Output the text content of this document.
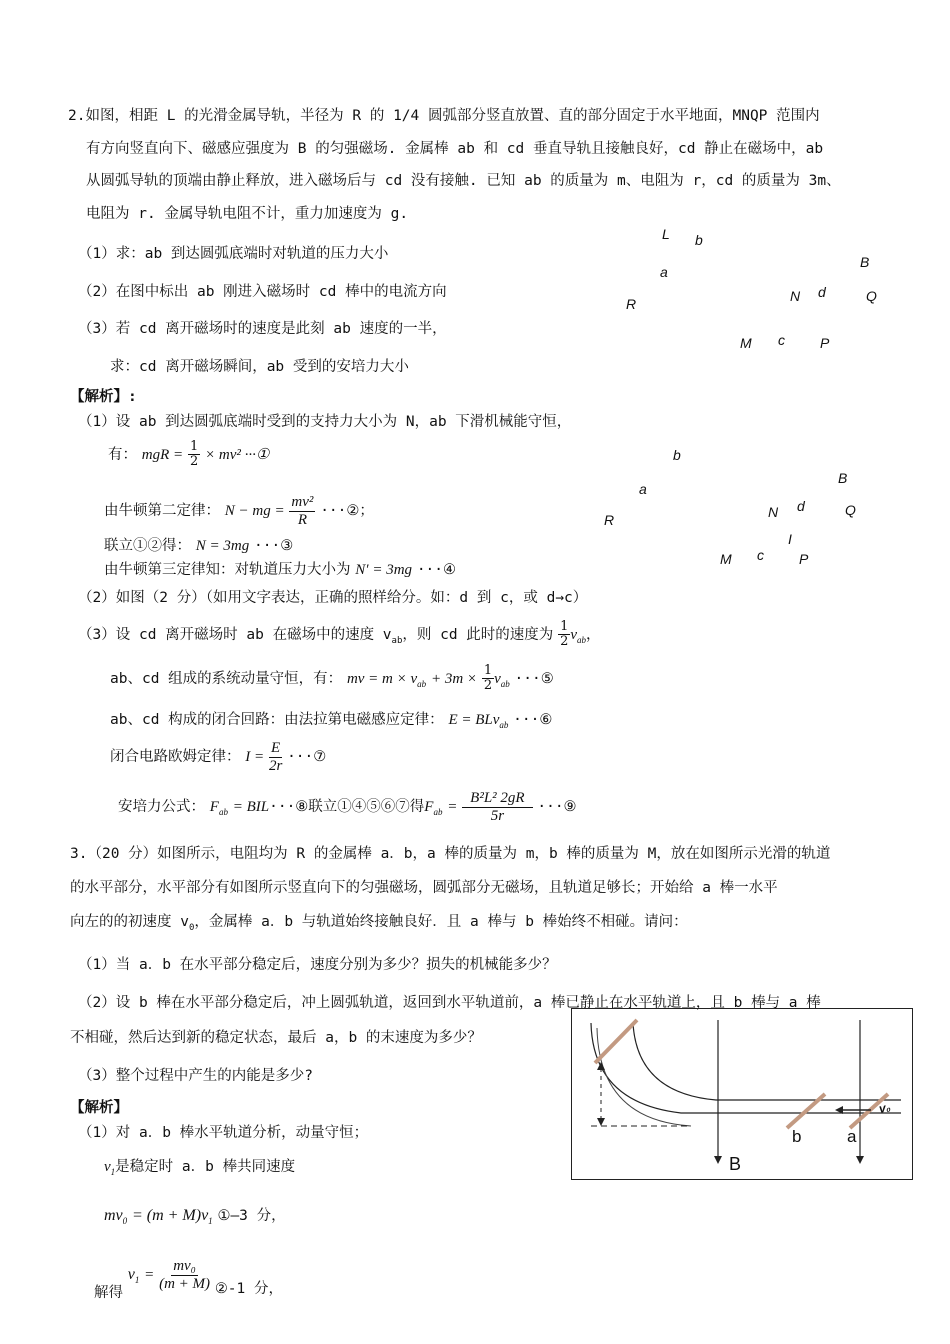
2.如图，相距 L 的光滑金属导轨，半径为 R 的 1/4 圆弧部分竖直放置、直的部分固定于水平地面，MNQP 范围内
有方向竖直向下、磁感应强度为 B 的匀强磁场. 金属棒 ab 和 cd 垂直导轨且接触良好，cd 静止在磁场中，ab
从圆弧导轨的顶端由静止释放，进入磁场后与 cd 没有接触. 已知 ab 的质量为 m、电阻为 r，cd 的质量为 3m、
电阻为 r. 金属导轨电阻不计，重力加速度为 g.
（1）求：ab 到达圆弧底端时对轨道的压力大小
（2）在图中标出 ab 刚进入磁场时 cd 棒中的电流方向
（3）若 cd 离开磁场时的速度是此刻 ab 速度的一半，
求：cd 离开磁场瞬间，ab 受到的安培力大小
L b
a
B
R	N d	Q
M c	P
【解析】:
（1）设 ab 到达圆弧底端时受到的支持力大小为 N，ab 下滑机械能守恒，
有： mgR = $\frac{1}{2} \times mv^2$ ···①
由牛顿第二定律： N − mg = $\frac{\text{mv²}}{R}$ ···②；
联立①②得： N = 3mg ···③
由牛顿第三定律知：对轨道压力大小为 N′ = 3mg ···④
b
a
B
R	N d	Q
I
M c	P
（2）如图（2 分）（如用文字表达，正确的照样给分。如：d 到 c，或 d→c）
（3）设 cd 离开磁场时 ab 在磁场中的速度 $v_{ab}$，则 cd 此时的速度为 $\frac{1}{2} v_{ab}$，
ab、cd 组成的系统动量守恒，有： mv = $m \times v_{ab} + 3m \times \frac{1}{2} v_{ab}$ ···⑤
ab、cd 构成的闭合回路：由法拉第电磁感应定律： E = BLv$_{ab}$ ···⑥
闭合电路欧姆定律： $I = \frac{E}{2r}$ ···⑦
安培力公式： $F_{ab}$ = BIL···⑧联立①④⑤⑥⑦得$F_{ab} = \frac{\text{B²L² 2gR}}{5r}$ ···⑨
3.（20 分）如图所示，电阻均为 R 的金属棒 a．b，a 棒的质量为 m，b 棒的质量为 M，放在如图所示光滑的轨道
的水平部分，水平部分有如图所示竖直向下的匀强磁场，圆弧部分无磁场，且轨道足够长；开始给 a 棒一水平
向左的的初速度 $v_0$，金属棒 a．b 与轨道始终接触良好．且 a 棒与 b 棒始终不相碰。请问：
（1）当 a．b 在水平部分稳定后，速度分别为多少？损失的机械能多少？
（2）设 b 棒在水平部分稳定后，冲上圆弧轨道，返回到水平轨道前，a 棒已静止在水平轨道上，且 b 棒与 a 棒
不相碰，然后达到新的稳定状态，最后 a，b 的末速度为多少？
（3）整个过程中产生的内能是多少?
【解析】
（1）对 a．b 棒水平轨道分析，动量守恒；
$v_1$是稳定时 a．b 棒共同速度
$mv_0 = (m + M)v_1$ ①—3 分，
解得 $v_1 = \frac{\text{mv₀}}{(m + M)}$ ②-1 分，
b	a
B
v₀
